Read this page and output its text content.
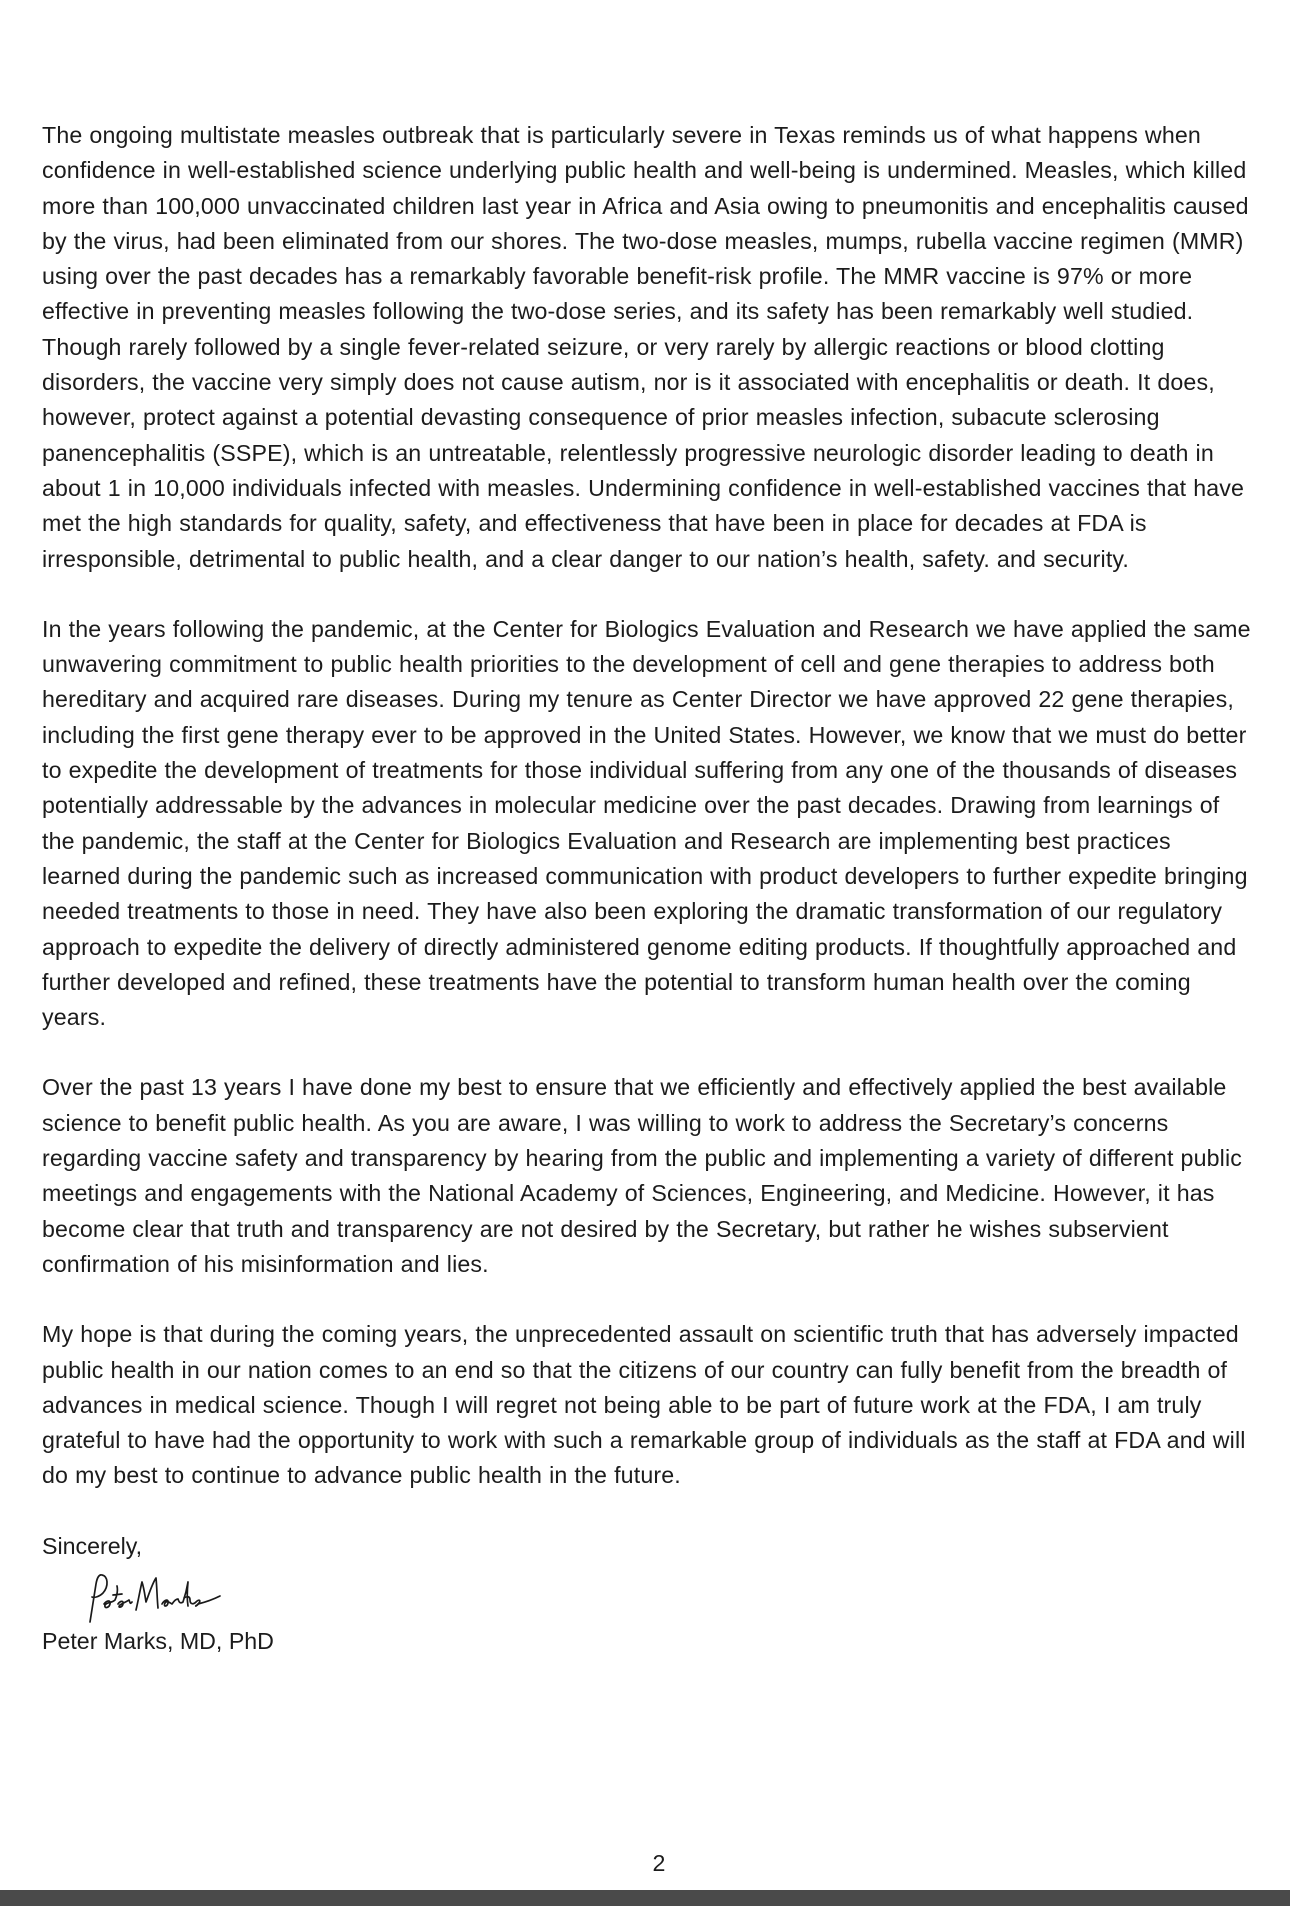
The ongoing multistate measles outbreak that is particularly severe in Texas reminds us of what happens when confidence in well-established science underlying public health and well-being is undermined. Measles, which killed more than 100,000 unvaccinated children last year in Africa and Asia owing to pneumonitis and encephalitis caused by the virus, had been eliminated from our shores. The two-dose measles, mumps, rubella vaccine regimen (MMR) using over the past decades has a remarkably favorable benefit-risk profile. The MMR vaccine is 97% or more effective in preventing measles following the two-dose series, and its safety has been remarkably well studied. Though rarely followed by a single fever-related seizure, or very rarely by allergic reactions or blood clotting disorders, the vaccine very simply does not cause autism, nor is it associated with encephalitis or death. It does, however, protect against a potential devasting consequence of prior measles infection, subacute sclerosing panencephalitis (SSPE), which is an untreatable, relentlessly progressive neurologic disorder leading to death in about 1 in 10,000 individuals infected with measles. Undermining confidence in well-established vaccines that have met the high standards for quality, safety, and effectiveness that have been in place for decades at FDA is irresponsible, detrimental to public health, and a clear danger to our nation’s health, safety. and security.

In the years following the pandemic, at the Center for Biologics Evaluation and Research we have applied the same unwavering commitment to public health priorities to the development of cell and gene therapies to address both hereditary and acquired rare diseases. During my tenure as Center Director we have approved 22 gene therapies, including the first gene therapy ever to be approved in the United States. However, we know that we must do better to expedite the development of treatments for those individual suffering from any one of the thousands of diseases potentially addressable by the advances in molecular medicine over the past decades. Drawing from learnings of the pandemic, the staff at the Center for Biologics Evaluation and Research are implementing best practices learned during the pandemic such as increased communication with product developers to further expedite bringing needed treatments to those in need. They have also been exploring the dramatic transformation of our regulatory approach to expedite the delivery of directly administered genome editing products. If thoughtfully approached and further developed and refined, these treatments have the potential to transform human health over the coming years.

Over the past 13 years I have done my best to ensure that we efficiently and effectively applied the best available science to benefit public health. As you are aware, I was willing to work to address the Secretary’s concerns regarding vaccine safety and transparency by hearing from the public and implementing a variety of different public meetings and engagements with the National Academy of Sciences, Engineering, and Medicine. However, it has become clear that truth and transparency are not desired by the Secretary, but rather he wishes subservient confirmation of his misinformation and lies.

My hope is that during the coming years, the unprecedented assault on scientific truth that has adversely impacted public health in our nation comes to an end so that the citizens of our country can fully benefit from the breadth of advances in medical science. Though I will regret not being able to be part of future work at the FDA, I am truly grateful to have had the opportunity to work with such a remarkable group of individuals as the staff at FDA and will do my best to continue to advance public health in the future.

Sincerely,

Peter Marks, MD, PhD

2
